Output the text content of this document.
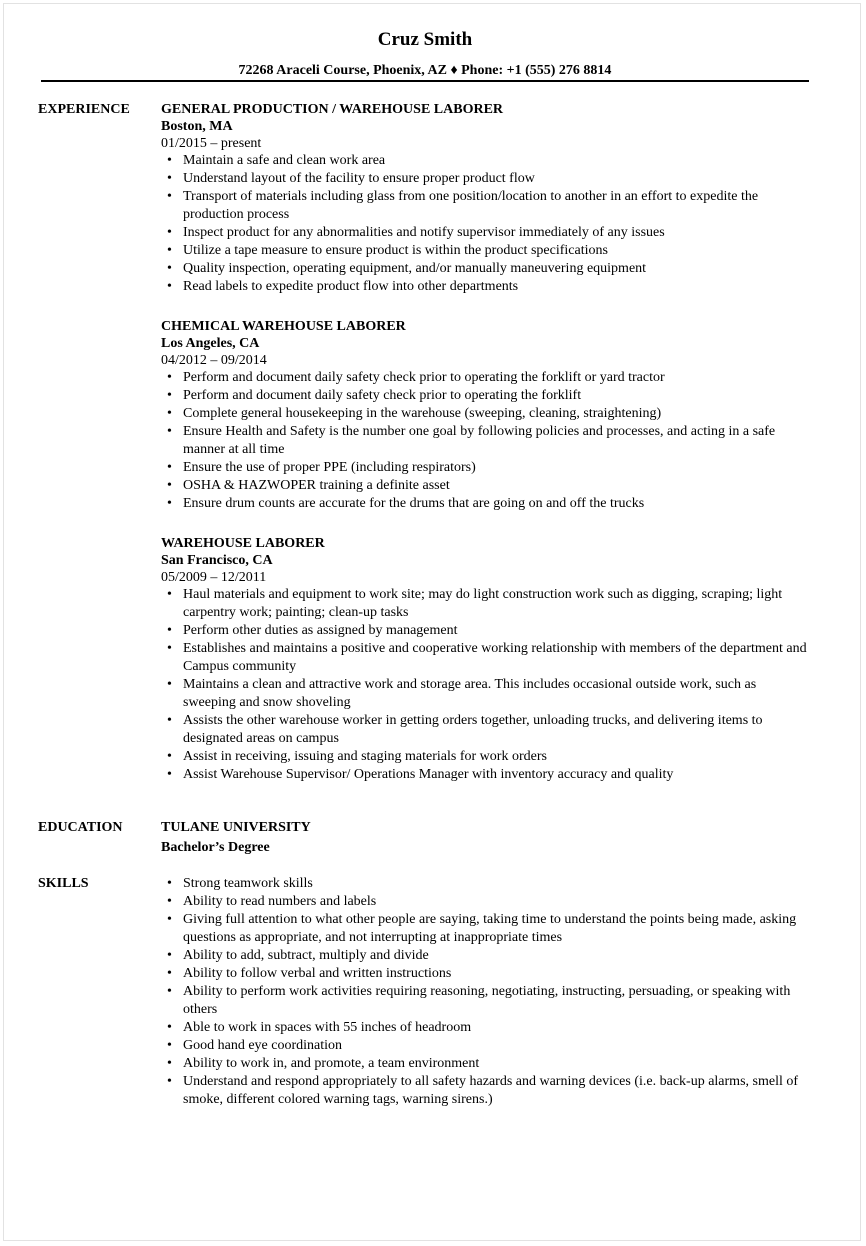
Cruz Smith
72268 Araceli Course, Phoenix, AZ ♦ Phone: +1 (555) 276 8814
EXPERIENCE GENERAL PRODUCTION / WAREHOUSE LABORER
Boston, MA
01/2015 – present
• Maintain a safe and clean work area
• Understand layout of the facility to ensure proper product flow
• Transport of materials including glass from one position/location to another in an effort to expedite the production process
• Inspect product for any abnormalities and notify supervisor immediately of any issues
• Utilize a tape measure to ensure product is within the product specifications
• Quality inspection, operating equipment, and/or manually maneuvering equipment
• Read labels to expedite product flow into other departments
CHEMICAL WAREHOUSE LABORER
Los Angeles, CA
04/2012 – 09/2014
• Perform and document daily safety check prior to operating the forklift or yard tractor
• Perform and document daily safety check prior to operating the forklift
• Complete general housekeeping in the warehouse (sweeping, cleaning, straightening)
• Ensure Health and Safety is the number one goal by following policies and processes, and acting in a safe manner at all time
• Ensure the use of proper PPE (including respirators)
• OSHA & HAZWOPER training a definite asset
• Ensure drum counts are accurate for the drums that are going on and off the trucks
WAREHOUSE LABORER
San Francisco, CA
05/2009 – 12/2011
• Haul materials and equipment to work site; may do light construction work such as digging, scraping; light carpentry work; painting; clean-up tasks
• Perform other duties as assigned by management
• Establishes and maintains a positive and cooperative working relationship with members of the department and Campus community
• Maintains a clean and attractive work and storage area. This includes occasional outside work, such as sweeping and snow shoveling
• Assists the other warehouse worker in getting orders together, unloading trucks, and delivering items to designated areas on campus
• Assist in receiving, issuing and staging materials for work orders
• Assist Warehouse Supervisor/ Operations Manager with inventory accuracy and quality
EDUCATION	TULANE UNIVERSITY
Bachelor’s Degree
SKILLS
•	Strong teamwork skills
• Ability to read numbers and labels
• Giving full attention to what other people are saying, taking time to understand the points being made, asking questions as appropriate, and not interrupting at inappropriate times
• Ability to add, subtract, multiply and divide
• Ability to follow verbal and written instructions
• Ability to perform work activities requiring reasoning, negotiating, instructing, persuading, or speaking with others
• Able to work in spaces with 55 inches of headroom
• Good hand eye coordination
• Ability to work in, and promote, a team environment
• Understand and respond appropriately to all safety hazards and warning devices (i.e. back-up alarms, smell of smoke, different colored warning tags, warning sirens.)
